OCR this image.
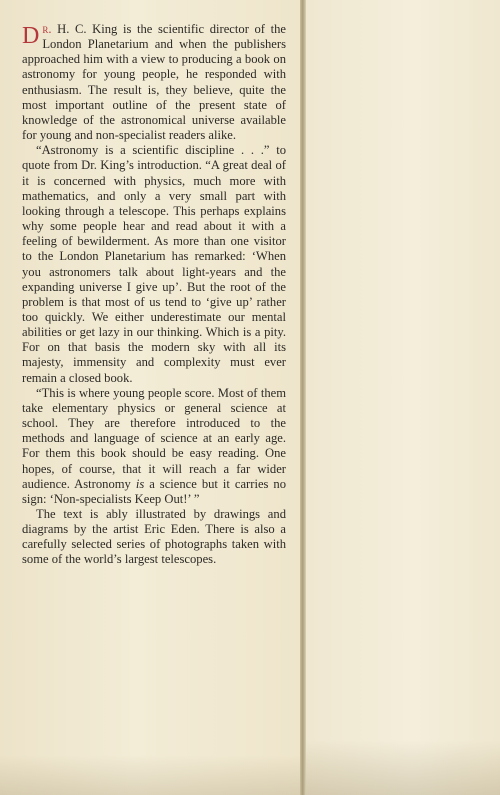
Dr. H. C. King is the scientific director of the London Planetarium and when the publishers approached him with a view to producing a book on astronomy for young people, he responded with enthusiasm. The result is, they believe, quite the most important outline of the present state of knowledge of the astronomical universe available for young and non-specialist readers alike.

“Astronomy is a scientific discipline . . .” to quote from Dr. King’s introduction. “A great deal of it is concerned with physics, much more with mathematics, and only a very small part with looking through a telescope. This perhaps explains why some people hear and read about it with a feeling of bewilderment. As more than one visitor to the London Planetarium has remarked: ‘When you astronomers talk about light-years and the expanding universe I give up’. But the root of the problem is that most of us tend to ‘give up’ rather too quickly. We either underestimate our mental abilities or get lazy in our thinking. Which is a pity. For on that basis the modern sky with all its majesty, immensity and complexity must ever remain a closed book.

“This is where young people score. Most of them take elementary physics or general science at school. They are therefore introduced to the methods and language of science at an early age. For them this book should be easy reading. One hopes, of course, that it will reach a far wider audience. Astronomy is a science but it carries no sign: ‘Non-specialists Keep Out!’ ”

The text is ably illustrated by drawings and diagrams by the artist Eric Eden. There is also a carefully selected series of photographs taken with some of the world’s largest telescopes.
